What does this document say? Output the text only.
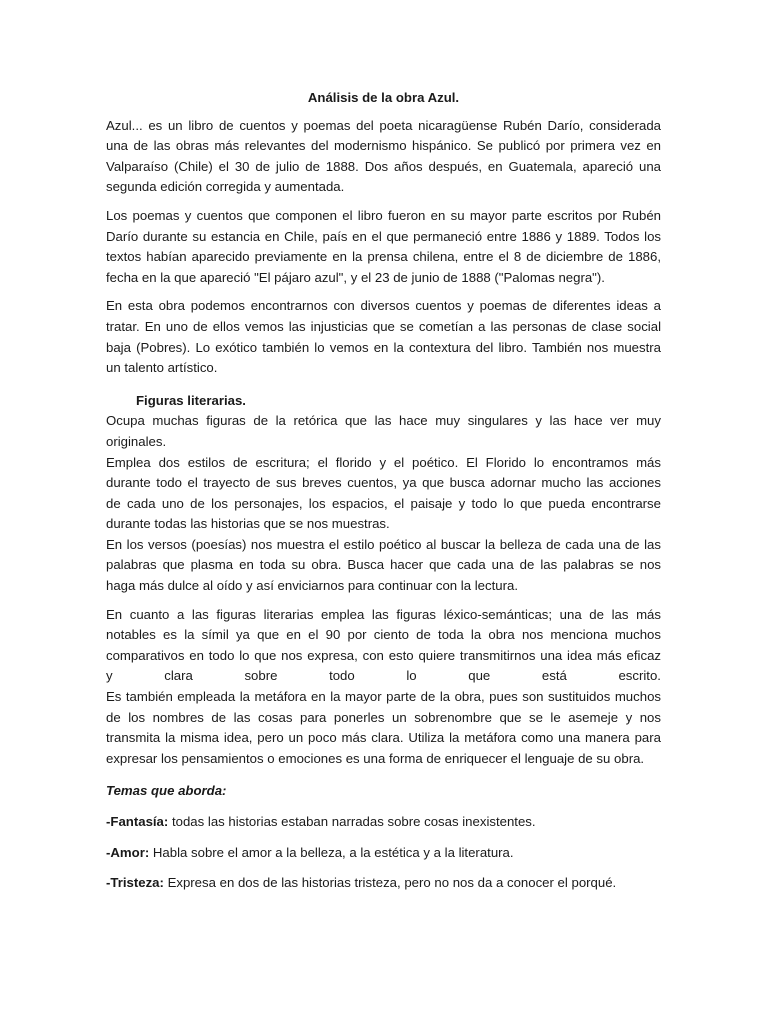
Análisis de la obra Azul.

Azul... es un libro de cuentos y poemas del poeta nicaragüense Rubén Darío, considerada
una de las obras más relevantes del modernismo hispánico. Se publicó por primera vez en
Valparaíso (Chile) el 30 de julio de 1888. Dos años después, en Guatemala, apareció una
segunda edición corregida y aumentada.

Los poemas y cuentos que componen el libro fueron en su mayor parte escritos por Rubén
Darío durante su estancia en Chile, país en el que permaneció entre 1886 y 1889. Todos los
textos habían aparecido previamente en la prensa chilena, entre el 8 de diciembre de 1886,
fecha en la que apareció "El pájaro azul", y el 23 de junio de 1888 ("Palomas negra").

En esta obra podemos encontrarnos con diversos cuentos y poemas de diferentes ideas a
tratar. En uno de ellos vemos las injusticias que se cometían a las personas de clase social
baja (Pobres). Lo exótico también lo vemos en la contextura del libro. También nos muestra
un talento artístico.

Figuras literarias.
Ocupa muchas figuras de la retórica que las hace muy singulares y las hace ver muy
originales.
Emplea dos estilos de escritura; el florido y el poético. El Florido lo encontramos más
durante todo el trayecto de sus breves cuentos, ya que busca adornar mucho las acciones
de cada uno de los personajes, los espacios, el paisaje y todo lo que pueda encontrarse
durante todas las historias que se nos muestras.
En los versos (poesías) nos muestra el estilo poético al buscar la belleza de cada una de las
palabras que plasma en toda su obra. Busca hacer que cada una de las palabras se nos
haga más dulce al oído y así enviciarnos para continuar con la lectura.

En cuanto a las figuras literarias emplea las figuras léxico-semánticas; una de las más
notables es la símil ya que en el 90 por ciento de toda la obra nos menciona muchos
comparativos en todo lo que nos expresa, con esto quiere transmitirnos una idea más eficaz
y	clara	sobre	todo	lo	que	está	escrito.
Es también empleada la metáfora en la mayor parte de la obra, pues son sustituidos muchos
de los nombres de las cosas para ponerles un sobrenombre que se le asemeje y nos
transmita la misma idea, pero un poco más clara. Utiliza la metáfora como una manera para
expresar los pensamientos o emociones es una forma de enriquecer el lenguaje de su obra.

Temas que aborda:
-Fantasía: todas las historias estaban narradas sobre cosas inexistentes.
-Amor: Habla sobre el amor a la belleza, a la estética y a la literatura.
-Tristeza: Expresa en dos de las historias tristeza, pero no nos da a conocer el porqué.
